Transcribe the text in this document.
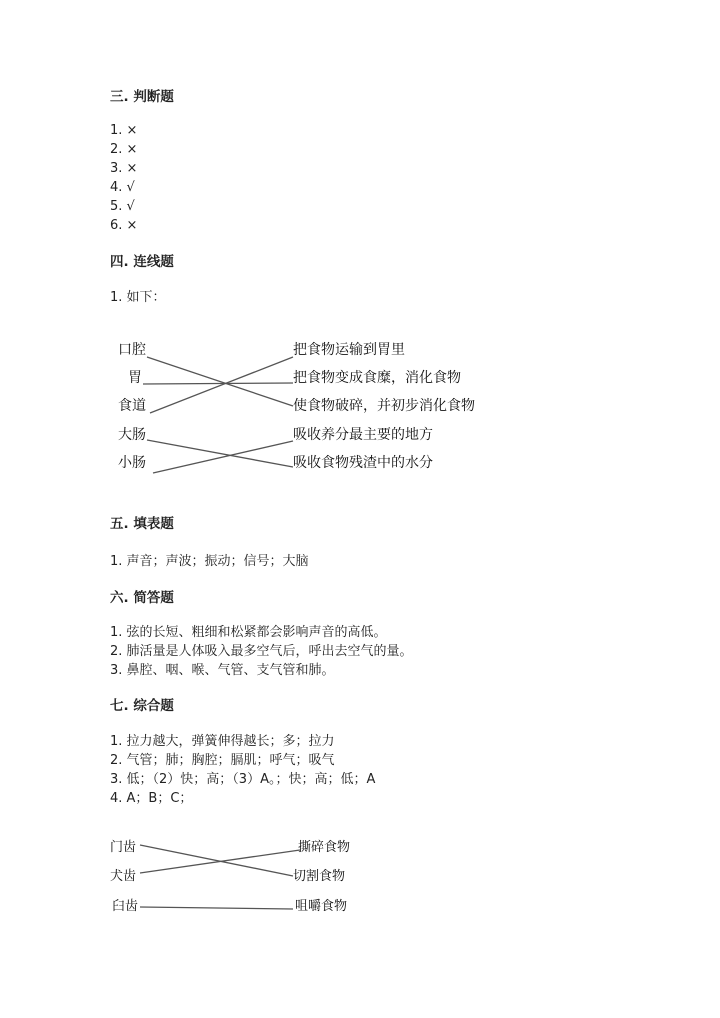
三. 判断题
1. ×
2. ×
3. ×
4. √
5. √
6. ×
四. 连线题
1. 如下：
口腔
胃
食道
大肠
小肠
把食物运输到胃里
把食物变成食糜，消化食物
使食物破碎，并初步消化食物
吸收养分最主要的地方
吸收食物残渣中的水分
五. 填表题
1. 声音；声波；振动；信号；大脑
六. 简答题
1. 弦的长短、粗细和松紧都会影响声音的高低。
2. 肺活量是人体吸入最多空气后，呼出去空气的量。
3. 鼻腔、咽、喉、气管、支气管和肺。
七. 综合题
1. 拉力越大，弹簧伸得越长；多；拉力
2. 气管；肺；胸腔；膈肌；呼气；吸气
3. 低；（2）快；高；（3）A。；快；高；低；A
4. A；B；C；
门齿
犬齿
臼齿
撕碎食物
切割食物
咀嚼食物
